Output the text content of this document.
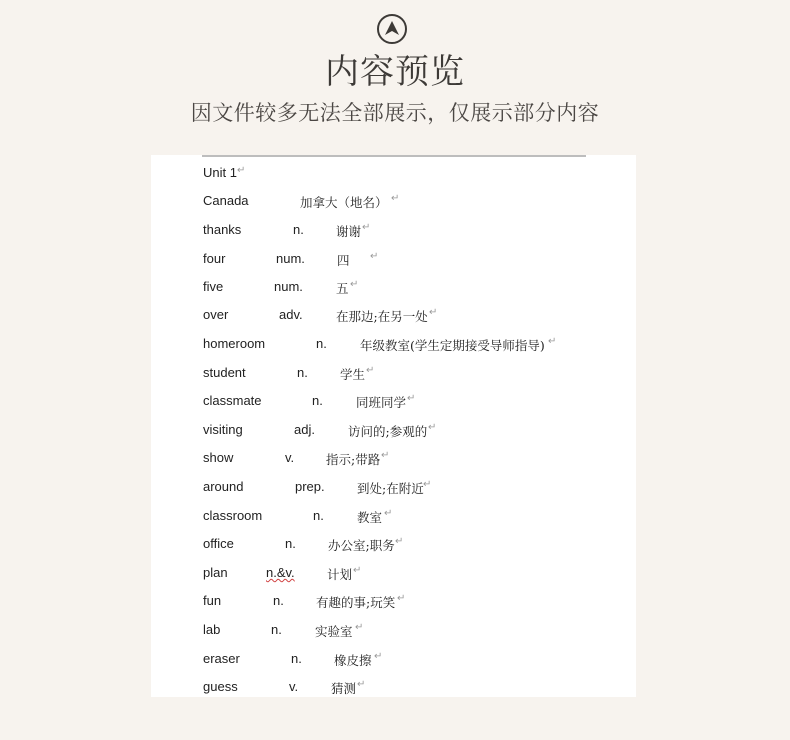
内容预览
因文件较多无法全部展示，仅展示部分内容
Unit 1 ↵
Canada	加拿大（地名） ↵
thanks	n.	谢谢 ↵
four	num.	四 ↵
five	num.	五 ↵
over	adv.	在那边;在另一处 ↵
homeroom	n.	年级教室(学生定期接受导师指导) ↵
student	n.	学生 ↵
classmate	n.	同班同学 ↵
visiting	adj.	访问的;参观的 ↵
show	v.	指示;带路 ↵
around	prep.	到处;在附近 ↵
classroom	n.	教室 ↵
office	n.	办公室;职务 ↵
plan	n.&v.	计划 ↵
fun	n.	有趣的事;玩笑 ↵
lab	n.	实验室 ↵
eraser	n.	橡皮擦 ↵
guess	v.	猜测 ↵
